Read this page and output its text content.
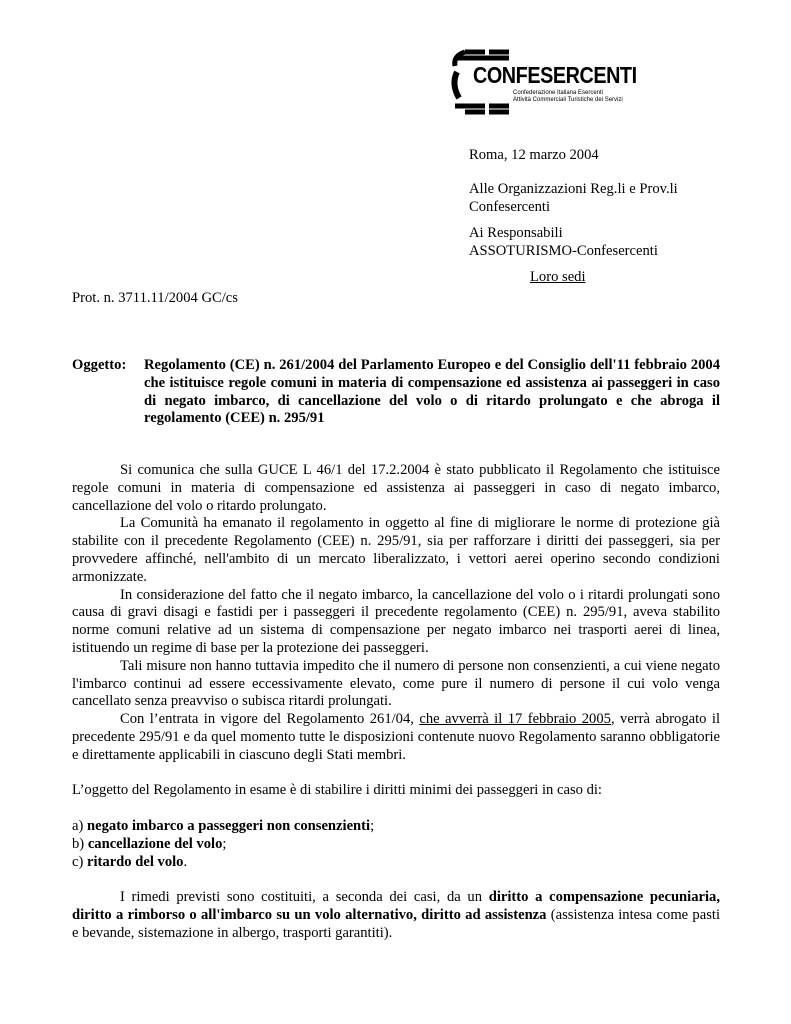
CONFESERCENTI
Confederazione Italiana Esercenti
Attività Commerciali Turistiche dei Servizi
Roma, 12 marzo 2004
Alle Organizzazioni Reg.li e Prov.li
Confesercenti
Ai Responsabili
ASSOTURISMO-Confesercenti
Loro sedi
Prot. n. 3711.11/2004 GC/cs
Oggetto: Regolamento (CE) n. 261/2004 del Parlamento Europeo e del Consiglio dell'11 febbraio 2004 che istituisce regole comuni in materia di compensazione ed assistenza ai passeggeri in caso di negato imbarco, di cancellazione del volo o di ritardo prolungato e che abroga il regolamento (CEE) n. 295/91

Si comunica che sulla GUCE L 46/1 del 17.2.2004 è stato pubblicato il Regolamento che istituisce regole comuni in materia di compensazione ed assistenza ai passeggeri in caso di negato imbarco, cancellazione del volo o ritardo prolungato.

La Comunità ha emanato il regolamento in oggetto al fine di migliorare le norme di protezione già stabilite con il precedente Regolamento (CEE) n. 295/91, sia per rafforzare i diritti dei passeggeri, sia per provvedere affinché, nell'ambito di un mercato liberalizzato, i vettori aerei operino secondo condizioni armonizzate.

In considerazione del fatto che il negato imbarco, la cancellazione del volo o i ritardi prolungati sono causa di gravi disagi e fastidi per i passeggeri il precedente regolamento (CEE) n. 295/91, aveva stabilito norme comuni relative ad un sistema di compensazione per negato imbarco nei trasporti aerei di linea, istituendo un regime di base per la protezione dei passeggeri.

Tali misure non hanno tuttavia impedito che il numero di persone non consenzienti, a cui viene negato l'imbarco continui ad essere eccessivamente elevato, come pure il numero di persone il cui volo venga cancellato senza preavviso o subisca ritardi prolungati.

Con l’entrata in vigore del Regolamento 261/04, che avverrà il 17 febbraio 2005, verrà abrogato il precedente 295/91 e da quel momento tutte le disposizioni contenute nuovo Regolamento saranno obbligatorie e direttamente applicabili in ciascuno degli Stati membri.

L’oggetto del Regolamento in esame è di stabilire i diritti minimi dei passeggeri in caso di:

a) negato imbarco a passeggeri non consenzienti;

b) cancellazione del volo;

c) ritardo del volo.

I rimedi previsti sono costituiti, a seconda dei casi, da un diritto a compensazione pecuniaria, diritto a rimborso o all'imbarco su un volo alternativo, diritto ad assistenza (assistenza intesa come pasti e bevande, sistemazione in albergo, trasporti garantiti).
